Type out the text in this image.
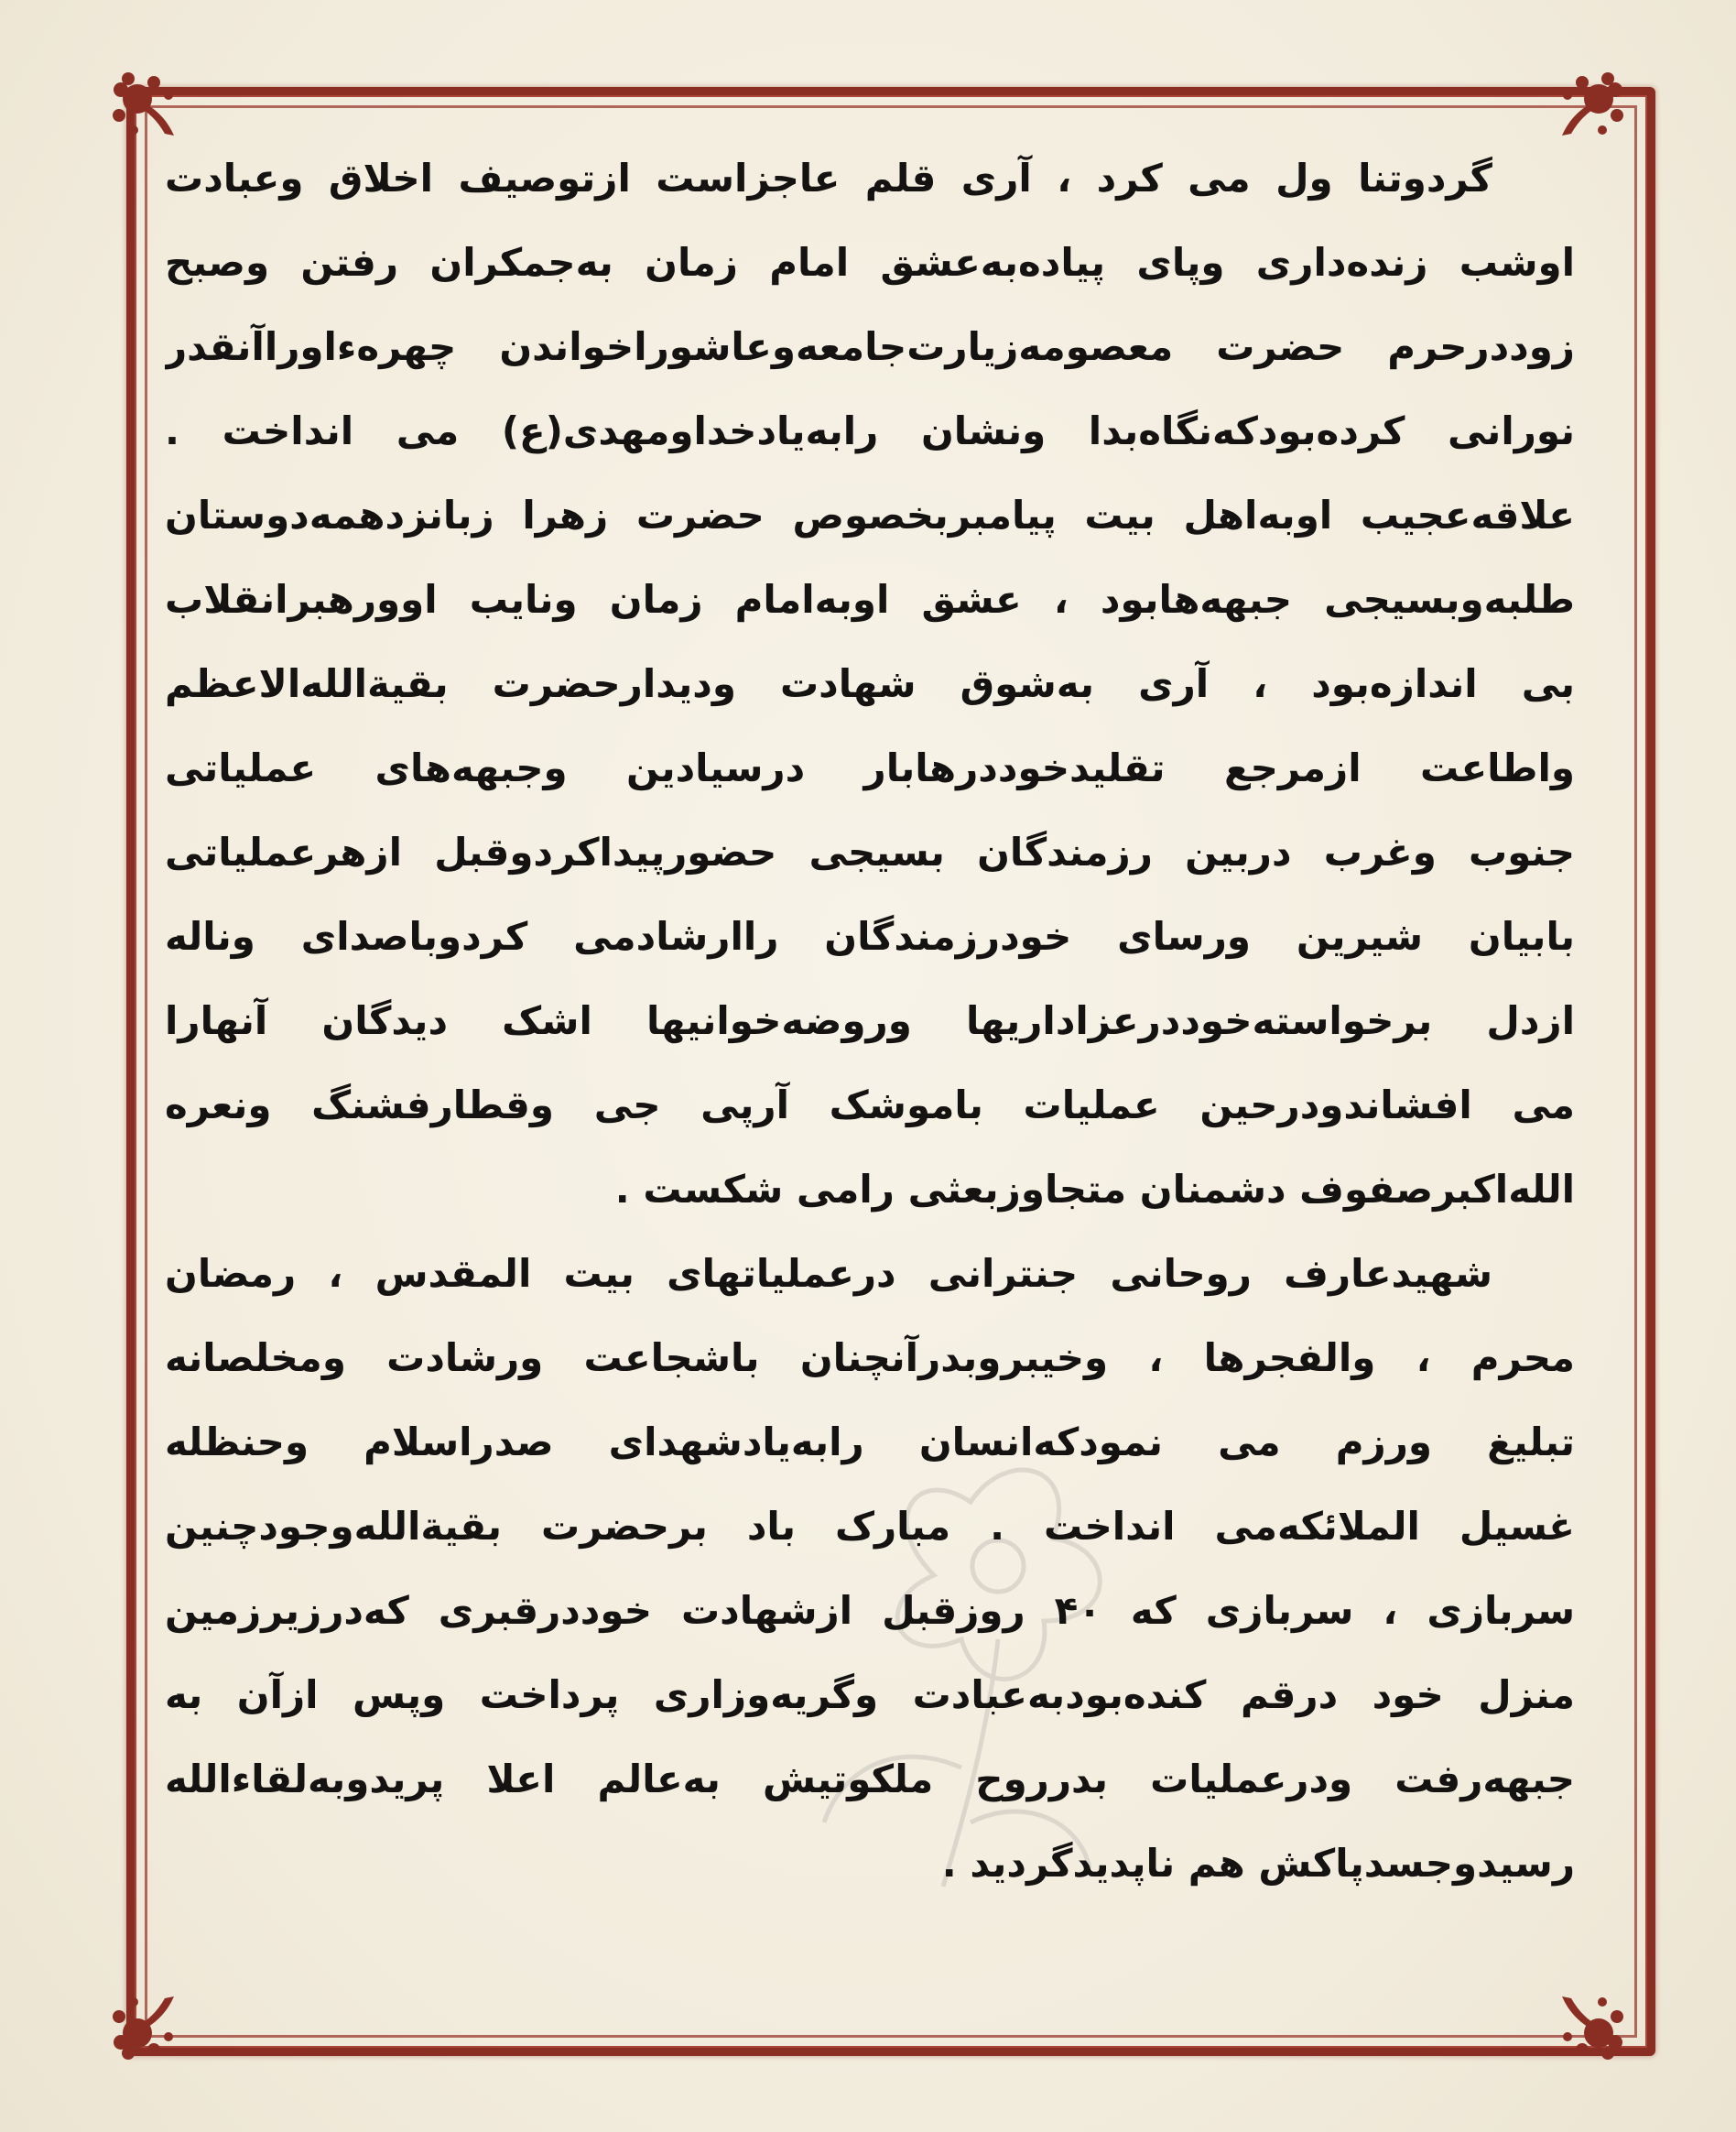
گردوتنا ول می کرد ، آری قلم عاجزاست ازتوصیف اخلاق وعبادت
اوشب زنده‌داری وپای پیاده‌به‌عشق امام زمان به‌جمکران رفتن وصبح
زوددرحرم حضرت معصومه‌زیارت‌جامعه‌وعاشوراخواندن چهره‌ءاوراآنقدر
نورانی کرده‌بودکه‌نگاه‌بدا ونشان رابه‌یادخداومهدی(ع) می انداخت .
علاقه‌عجیب اوبه‌اهل بیت پیامبربخصوص حضرت زهرا زبانزدهمه‌دوستان
طلبه‌وبسیجی جبهه‌هابود ، عشق اوبه‌امام زمان ونایب اوورهبرانقلاب
بی اندازه‌بود ، آری به‌شوق شهادت ودیدارحضرت بقیة‌الله‌الاعظم
واطاعت ازمرجع تقلیدخوددرهابار درسیادین وجبهه‌های عملیاتی
جنوب وغرب دربین رزمندگان بسیجی حضورپیداکردوقبل ازهرعملیاتی
بابیان شیرین ورسای خودرزمندگان راارشادمی کردوباصدای وناله
ازدل برخواسته‌خوددرعزاداریها وروضه‌خوانیها اشک دیدگان آنهارا
می افشاندودرحین عملیات باموشک آرپی جی وقطارفشنگ ونعره
الله‌اکبرصفوف دشمنان متجاوزبعثی رامی شکست .
شهیدعارف روحانی جنترانی درعملیاتهای بیت المقدس ، رمضان
محرم ، والفجرها ، وخیبروبدرآنچنان باشجاعت ورشادت ومخلصانه
تبلیغ ورزم می نمودکه‌انسان رابه‌یادشهدای صدراسلام وحنظله
غسیل الملائکه‌می انداخت . مبارک باد برحضرت بقیة‌الله‌وجودچنین
سربازی ، سربازی که ۴۰ روزقبل ازشهادت خوددرقبری که‌درزیرزمین
منزل خود درقم کنده‌بودبه‌عبادت وگریه‌وزاری پرداخت وپس ازآن به
جبهه‌رفت ودرعملیات بدرروح ملکوتیش به‌عالم اعلا پریدوبه‌لقاءالله
رسیدوجسدپاکش هم ناپدیدگردید .
